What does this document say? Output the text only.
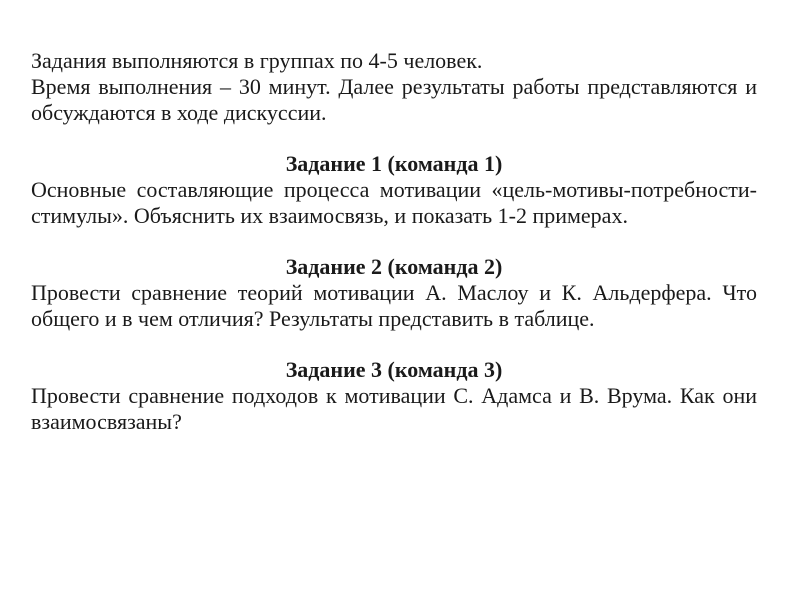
Задания выполняются в группах по 4-5 человек.

Время выполнения – 30 минут. Далее результаты работы представляются и обсуждаются в ходе дискуссии.

Задание 1 (команда 1)

Основные составляющие процесса мотивации «цель-мотивы-потребности-стимулы». Объяснить их взаимосвязь, и показать 1-2 примерах.

Задание 2 (команда 2)

Провести сравнение теорий мотивации А. Маслоу и К. Альдерфера. Что общего и в чем отличия? Результаты представить в таблице.

Задание 3 (команда 3)

Провести сравнение подходов к мотивации С. Адамса и В. Врума. Как они взаимосвязаны?
